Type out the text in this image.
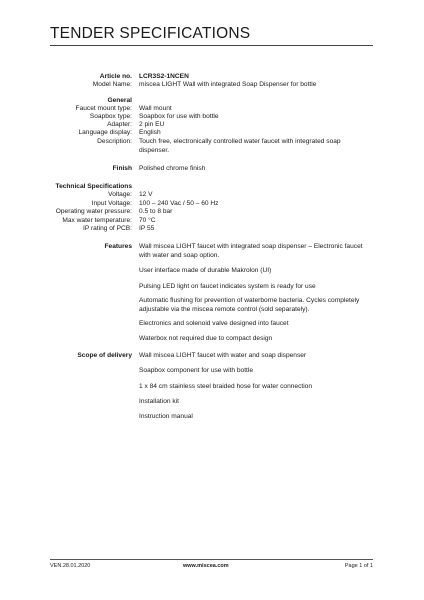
TENDER SPECIFICATIONS
Article no. LCR3S2-1NCEN
Model Name: miscea LIGHT Wall with integrated Soap Dispenser for bottle
General
Faucet mount type: Wall mount
Soapbox type: Soapbox for use with bottle
Adapter: 2 pin EU
Language display: English
Description: Touch free, electronically controlled water faucet with integrated soap dispenser.
Finish Polished chrome finish
Technical Specifications
Voltage: 12 V
Input Voltage: 100 – 240 Vac / 50 – 60 Hz
Operating water pressure: 0.5 to 8 bar
Max water temperature: 70 °C
IP rating of PCB: IP 55
Features Wall miscea LIGHT faucet with integrated soap dispenser – Electronic faucet with water and soap option.
User interface made of durable Makrolon (UI)
Pulsing LED light on faucet indicates system is ready for use
Automatic flushing for prevention of waterborne bacteria. Cycles completely adjustable via the miscea remote control (sold separately).
Electronics and solenoid valve designed into faucet
Waterbox not required due to compact design
Scope of delivery Wall miscea LIGHT faucet with water and soap dispenser
Soapbox component for use with bottle
1 x 84 cm stainless steel braided hose for water connection
Installation kit
Instruction manual
VEN.28.01.2020	www.miscea.com	Page 1 of 1
